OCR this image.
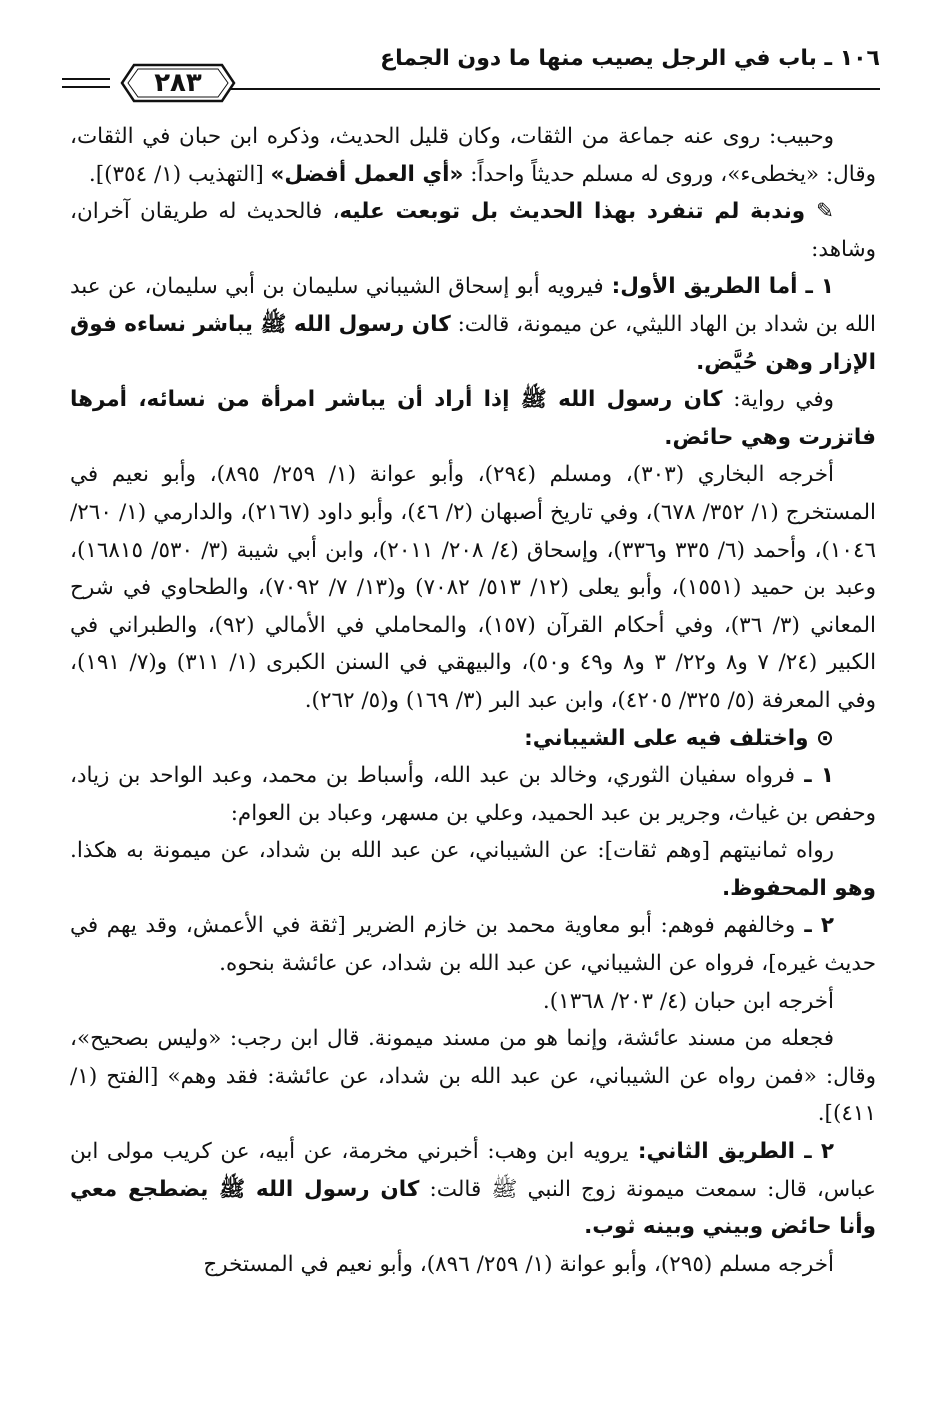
١٠٦ ـ باب في الرجل يصيب منها ما دون الجماع
٢٨٣

وحبيب: روى عنه جماعة من الثقات، وكان قليل الحديث، وذكره ابن حبان في الثقات، وقال: «يخطىء»، وروى له مسلم حديثاً واحداً: «أي العمل أفضل» [التهذيب (١/ ٣٥٤)].

✎ وندبة لم تنفرد بهذا الحديث بل توبعت عليه، فالحديث له طريقان آخران، وشاهد:

١ ـ أما الطريق الأول: فيرويه أبو إسحاق الشيباني سليمان بن أبي سليمان، عن عبد الله بن شداد بن الهاد الليثي، عن ميمونة، قالت: كان رسول الله ﷺ يباشر نساءه فوق الإزار وهن حُيَّض.

وفي رواية: كان رسول الله ﷺ إذا أراد أن يباشر امرأة من نسائه، أمرها فاتزرت وهي حائض.

أخرجه البخاري (٣٠٣)، ومسلم (٢٩٤)، وأبو عوانة (١/ ٢٥٩/ ٨٩٥)، وأبو نعيم في المستخرج (١/ ٣٥٢/ ٦٧٨)، وفي تاريخ أصبهان (٢/ ٤٦)، وأبو داود (٢١٦٧)، والدارمي (١/ ٢٦٠/ ١٠٤٦)، وأحمد (٦/ ٣٣٥ و٣٣٦)، وإسحاق (٤/ ٢٠٨/ ٢٠١١)، وابن أبي شيبة (٣/ ٥٣٠/ ١٦٨١٥)، وعبد بن حميد (١٥٥١)، وأبو يعلى (١٢/ ٥١٣/ ٧٠٨٢) و(١٣/ ٧/ ٧٠٩٢)، والطحاوي في شرح المعاني (٣/ ٣٦)، وفي أحكام القرآن (١٥٧)، والمحاملي في الأمالي (٩٢)، والطبراني في الكبير (٢٤/ ٧ و٨ و٢٢/ ٣ و٨ و٤٩ و٥٠)، والبيهقي في السنن الكبرى (١/ ٣١١) و(٧/ ١٩١)، وفي المعرفة (٥/ ٣٢٥/ ٤٢٠٥)، وابن عبد البر (٣/ ١٦٩) و(٥/ ٢٦٢).

⊙ واختلف فيه على الشيباني:

١ ـ فرواه سفيان الثوري، وخالد بن عبد الله، وأسباط بن محمد، وعبد الواحد بن زياد، وحفص بن غياث، وجرير بن عبد الحميد، وعلي بن مسهر، وعباد بن العوام:

رواه ثمانيتهم [وهم ثقات]: عن الشيباني، عن عبد الله بن شداد، عن ميمونة به هكذا. وهو المحفوظ.

٢ ـ وخالفهم فوهم: أبو معاوية محمد بن خازم الضرير [ثقة في الأعمش، وقد يهم في حديث غيره]، فرواه عن الشيباني، عن عبد الله بن شداد، عن عائشة بنحوه.

أخرجه ابن حبان (٤/ ٢٠٣/ ١٣٦٨).

فجعله من مسند عائشة، وإنما هو من مسند ميمونة. قال ابن رجب: «وليس بصحيح»، وقال: «فمن رواه عن الشيباني، عن عبد الله بن شداد، عن عائشة: فقد وهم» [الفتح (١/ ٤١١)].

٢ ـ الطريق الثاني: يرويه ابن وهب: أخبرني مخرمة، عن أبيه، عن كريب مولى ابن عباس، قال: سمعت ميمونة زوج النبي ﷺ قالت: كان رسول الله ﷺ يضطجع معي وأنا حائض وبيني وبينه ثوب.

أخرجه مسلم (٢٩٥)، وأبو عوانة (١/ ٢٥٩/ ٨٩٦)، وأبو نعيم في المستخرج
